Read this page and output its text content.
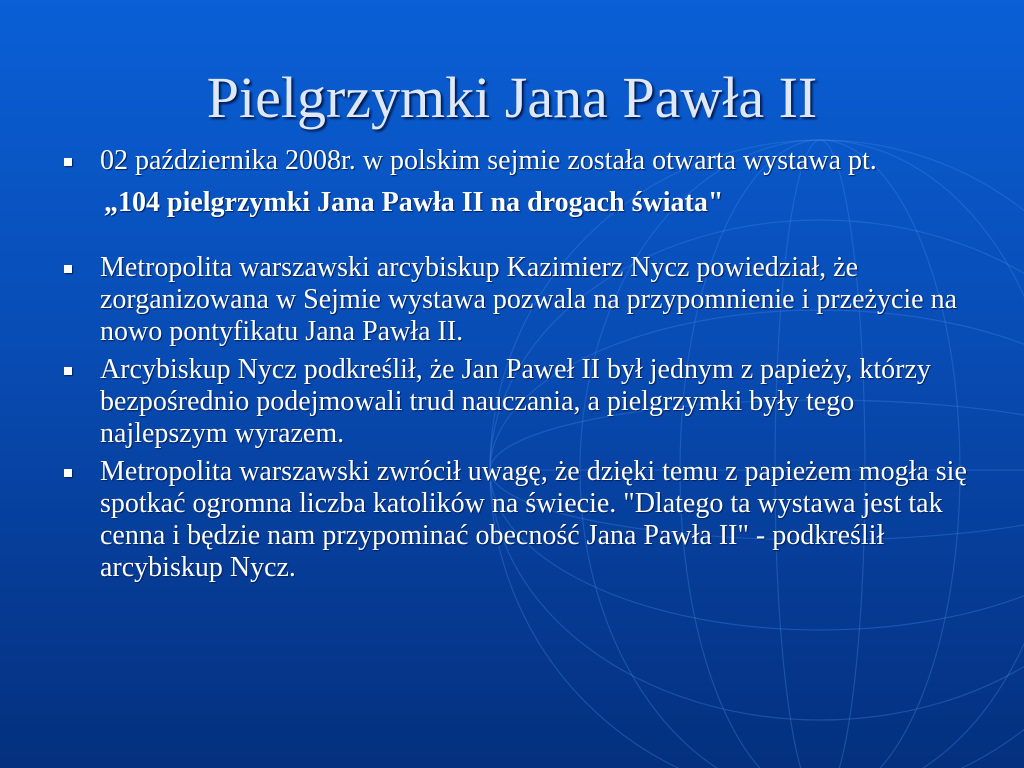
Pielgrzymki Jana Pawła II
02 października 2008r. w polskim sejmie została otwarta wystawa pt.
„104 pielgrzymki Jana Pawła II na drogach świata"
Metropolita warszawski arcybiskup Kazimierz Nycz powiedział, że zorganizowana w Sejmie wystawa pozwala na przypomnienie i przeżycie na nowo pontyfikatu Jana Pawła II.
Arcybiskup Nycz podkreślił, że Jan Paweł II był jednym z papieży, którzy bezpośrednio podejmowali trud nauczania, a pielgrzymki były tego najlepszym wyrazem.
Metropolita warszawski zwrócił uwagę, że dzięki temu z papieżem mogła się spotkać ogromna liczba katolików na świecie. "Dlatego ta wystawa jest tak cenna i będzie nam przypominać obecność Jana Pawła II" - podkreślił arcybiskup Nycz.
